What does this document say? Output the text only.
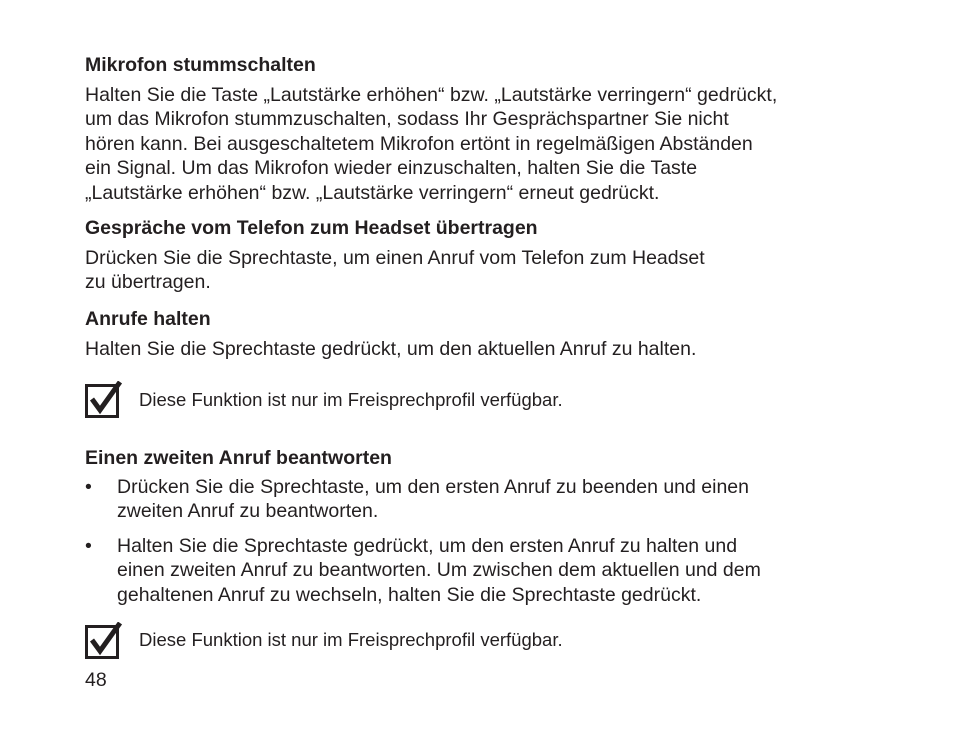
Mikrofon stummschalten

Halten Sie die Taste „Lautstärke erhöhen“ bzw. „Lautstärke verringern“ gedrückt,
um das Mikrofon stummzuschalten, sodass Ihr Gesprächspartner Sie nicht
hören kann. Bei ausgeschaltetem Mikrofon ertönt in regelmäßigen Abständen
ein Signal. Um das Mikrofon wieder einzuschalten, halten Sie die Taste
„Lautstärke erhöhen“ bzw. „Lautstärke verringern“ erneut gedrückt.

Gespräche vom Telefon zum Headset übertragen

Drücken Sie die Sprechtaste, um einen Anruf vom Telefon zum Headset
zu übertragen.

Anrufe halten

Halten Sie die Sprechtaste gedrückt, um den aktuellen Anruf zu halten.

Diese Funktion ist nur im Freisprechprofil verfügbar.
Einen zweiten Anruf beantworten
•	Drücken Sie die Sprechtaste, um den ersten Anruf zu beenden und einen
zweiten Anruf zu beantworten.
•	Halten Sie die Sprechtaste gedrückt, um den ersten Anruf zu halten und
einen zweiten Anruf zu beantworten. Um zwischen dem aktuellen und dem
gehaltenen Anruf zu wechseln, halten Sie die Sprechtaste gedrückt.
Diese Funktion ist nur im Freisprechprofil verfügbar.
48
